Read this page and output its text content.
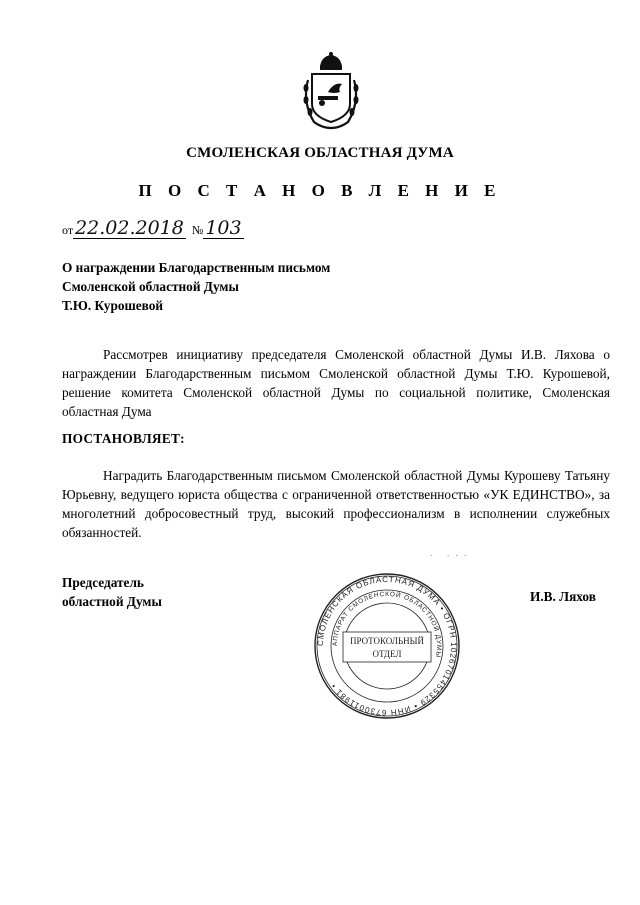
СМОЛЕНСКАЯ ОБЛАСТНАЯ ДУМА
П О С Т А Н О В Л Е Н И Е
от 22.02.2018 № 103
О награждении Благодарственным письмом
Смоленской областной Думы
Т.Ю. Курошевой
Рассмотрев инициативу председателя Смоленской областной Думы И.В. Ляхова о награждении Благодарственным письмом Смоленской областной Думы Т.Ю. Курошевой, решение комитета Смоленской областной Думы по социальной политике, Смоленская областная Дума
ПОСТАНОВЛЯЕТ:
Наградить Благодарственным письмом Смоленской областной Думы Курошеву Татьяну Юрьевну, ведущего юриста общества с ограниченной ответственностью «УК ЕДИНСТВО», за многолетний добросовестный труд, высокий профессионализм в исполнении служебных обязанностей.
.   . . .
Председатель
областной Думы	И.В. Ляхов
СМОЛЕНСКАЯ ОБЛАСТНАЯ ДУМА • ОГРН 1026701455329 • ИНН 6730011981 •
АППАРАТ СМОЛЕНСКОЙ ОБЛАСТНОЙ ДУМЫ
ПРОТОКОЛЬНЫЙ
ОТДЕЛ
